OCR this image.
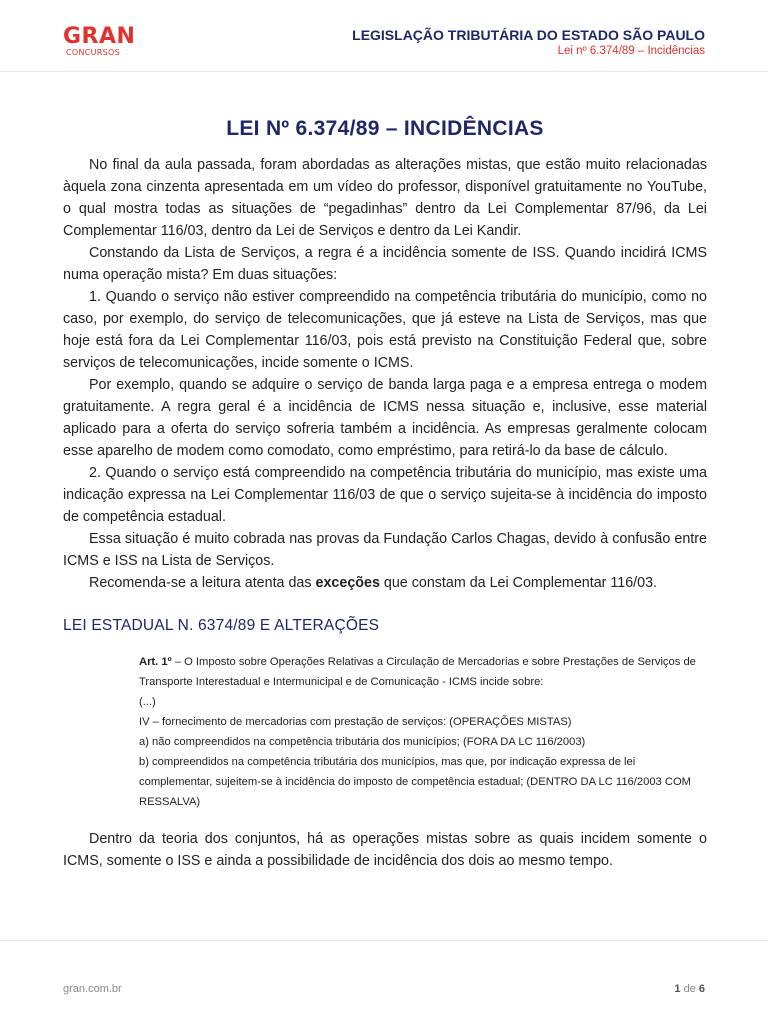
GRAN
CONCURSOS
LEGISLAÇÃO TRIBUTÁRIA DO ESTADO SÃO PAULO
Lei nº 6.374/89 – Incidências
LEI Nº 6.374/89 – INCIDÊNCIAS

No final da aula passada, foram abordadas as alterações mistas, que estão muito relacionadas àquela zona cinzenta apresentada em um vídeo do professor, disponível gratuitamente no YouTube, o qual mostra todas as situações de “pegadinhas” dentro da Lei Complementar 87/96, da Lei Complementar 116/03, dentro da Lei de Serviços e dentro da Lei Kandir.

Constando da Lista de Serviços, a regra é a incidência somente de ISS. Quando incidirá ICMS numa operação mista? Em duas situações:

1. Quando o serviço não estiver compreendido na competência tributária do município, como no caso, por exemplo, do serviço de telecomunicações, que já esteve na Lista de Serviços, mas que hoje está fora da Lei Complementar 116/03, pois está previsto na Constituição Federal que, sobre serviços de telecomunicações, incide somente o ICMS.

Por exemplo, quando se adquire o serviço de banda larga paga e a empresa entrega o modem gratuitamente. A regra geral é a incidência de ICMS nessa situação e, inclusive, esse material aplicado para a oferta do serviço sofreria também a incidência. As empresas geralmente colocam esse aparelho de modem como comodato, como empréstimo, para retirá-lo da base de cálculo.

2. Quando o serviço está compreendido na competência tributária do município, mas existe uma indicação expressa na Lei Complementar 116/03 de que o serviço sujeita-se à incidência do imposto de competência estadual.

Essa situação é muito cobrada nas provas da Fundação Carlos Chagas, devido à confusão entre ICMS e ISS na Lista de Serviços.

Recomenda-se a leitura atenta das exceções que constam da Lei Complementar 116/03.

LEI ESTADUAL N. 6374/89 E ALTERAÇÕES

Art. 1º – O Imposto sobre Operações Relativas a Circulação de Mercadorias e sobre Prestações de Serviços de Transporte Interestadual e Intermunicipal e de Comunicação - ICMS incide sobre:

(...)

IV – fornecimento de mercadorias com prestação de serviços: (OPERAÇÕES MISTAS)

a) não compreendidos na competência tributária dos municípios; (FORA DA LC 116/2003)

b) compreendidos na competência tributária dos municípios, mas que, por indicação expressa de lei complementar, sujeitem-se à incidência do imposto de competência estadual; (DENTRO DA LC 116/2003 COM RESSALVA)

Dentro da teoria dos conjuntos, há as operações mistas sobre as quais incidem somente o ICMS, somente o ISS e ainda a possibilidade de incidência dos dois ao mesmo tempo.

gran.com.br	1 de 6
